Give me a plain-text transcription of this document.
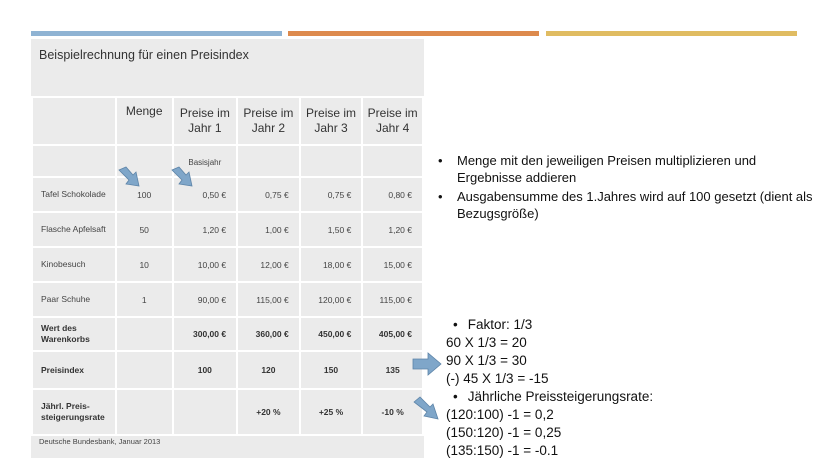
Beispielrechnung für einen Preisindex
	Menge	Preise im Jahr 1	Preise im Jahr 2	Preise im Jahr 3	Preise im Jahr 4
		Basisjahr			
Tafel Schokolade	100	0,50 €	0,75 €	0,75 €	0,80 €
Flasche Apfelsaft	50	1,20 €	1,00 €	1,50 €	1,20 €
Kinobesuch	10	10,00 €	12,00 €	18,00 €	15,00 €
Paar Schuhe	1	90,00 €	115,00 €	120,00 €	115,00 €
Wert des Warenkorbs		300,00 €	360,00 €	450,00 €	405,00 €
Preisindex		100	120	150	135
Jährl. Preis-steigerungsrate			+20 %	+25 %	-10 %
Deutsche Bundesbank, Januar 2013
• Menge mit den jeweiligen Preisen multiplizieren und Ergebnisse addieren
• Ausgabensumme des 1.Jahres wird auf 100 gesetzt (dient als Bezugsgröße)
• Faktor: 1/3
60 X 1/3 = 20
90 X 1/3 = 30
(-) 45 X 1/3 = -15
• Jährliche Preissteigerungsrate:
(120:100) -1 = 0,2
(150:120) -1 = 0,25
(135:150) -1 = -0.1
